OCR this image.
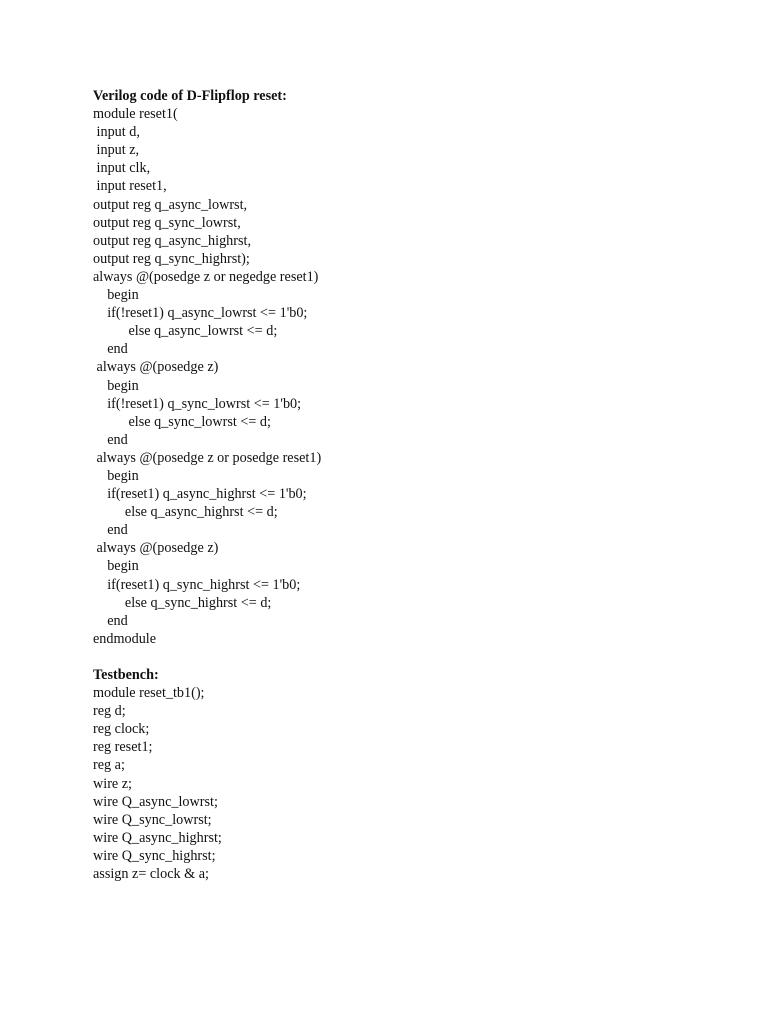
Verilog code of D-Flipflop reset:
module reset1(
input d,
input z,
input clk,
input reset1,
output reg q_async_lowrst,
output reg q_sync_lowrst,
output reg q_async_highrst,
output reg q_sync_highrst);
always @(posedge z or negedge reset1)
begin
if(!reset1) q_async_lowrst <= 1'b0;
else q_async_lowrst <= d;
end
always @(posedge z)
begin
if(!reset1) q_sync_lowrst <= 1'b0;
else q_sync_lowrst <= d;
end
always @(posedge z or posedge reset1)
begin
if(reset1) q_async_highrst <= 1'b0;
else q_async_highrst <= d;
end
always @(posedge z)
begin
if(reset1) q_sync_highrst <= 1'b0;
else q_sync_highrst <= d;
end
endmodule
Testbench:
module reset_tb1();
reg d;
reg clock;
reg reset1;
reg a;
wire z;
wire Q_async_lowrst;
wire Q_sync_lowrst;
wire Q_async_highrst;
wire Q_sync_highrst;
assign z= clock & a;
